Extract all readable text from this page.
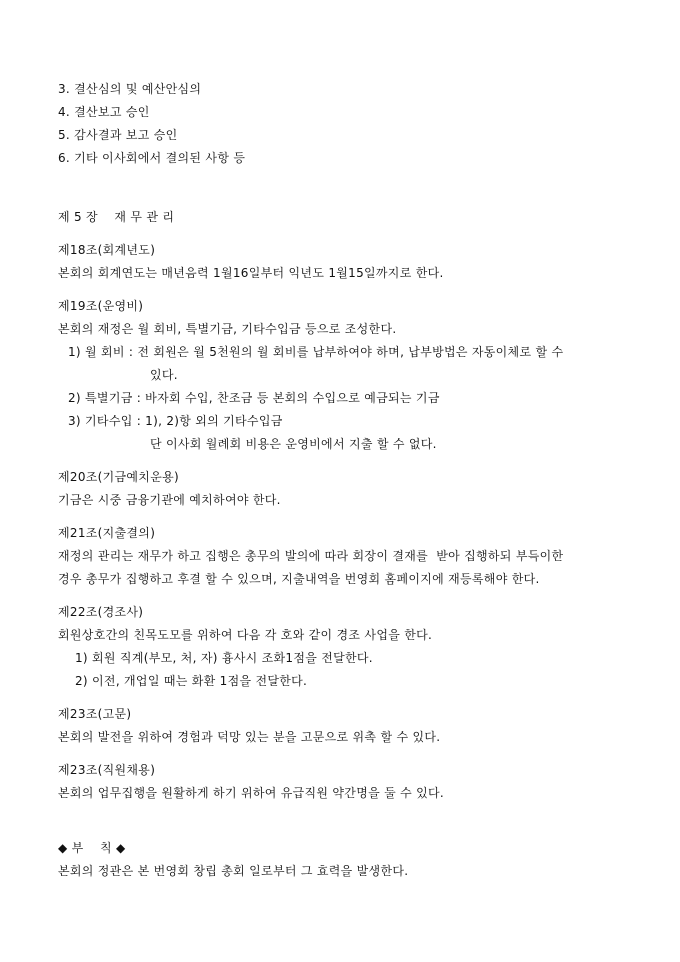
3. 결산심의 및 예산안심의
4. 결산보고 승인
5. 감사결과 보고 승인
6. 기타 이사회에서 결의된 사항 등
제 5 장    재 무 관 리
제18조(회계년도)
본회의 회계연도는 매년음력 1월16일부터 익년도 1월15일까지로 한다.
제19조(운영비)
본회의 재정은 월 회비, 특별기금, 기타수입금 등으로 조성한다.
1) 월 회비 : 전 회원은 월 5천원의 월 회비를 납부하여야 하며, 납부방법은 자동이체로 할 수
있다.
2) 특별기금 : 바자회 수입, 찬조금 등 본회의 수입으로 예금되는 기금
3) 기타수입 : 1), 2)항 외의 기타수입금
단 이사회 월례회 비용은 운영비에서 지출 할 수 없다.
제20조(기금예치운용)
기금은 시중 금융기관에 예치하여야 한다.
제21조(지출결의)
재정의 관리는 재무가 하고 집행은 총무의 발의에 따라 회장이 결재를  받아 집행하되 부득이한
경우 총무가 집행하고 후결 할 수 있으며, 지출내역을 번영회 홈페이지에 재등록해야 한다.
제22조(경조사)
회원상호간의 친목도모를 위하여 다음 각 호와 같이 경조 사업을 한다.
1) 회원 직계(부모, 처, 자) 흉사시 조화1점을 전달한다.
2) 이전, 개업일 때는 화환 1점을 전달한다.
제23조(고문)
본회의 발전을 위하여 경험과 덕망 있는 분을 고문으로 위촉 할 수 있다.
제23조(직원채용)
본회의 업무집행을 원활하게 하기 위하여 유급직원 약간명을 둘 수 있다.
◆ 부    칙 ◆
본회의 정관은 본 번영회 창립 총회 일로부터 그 효력을 발생한다.
